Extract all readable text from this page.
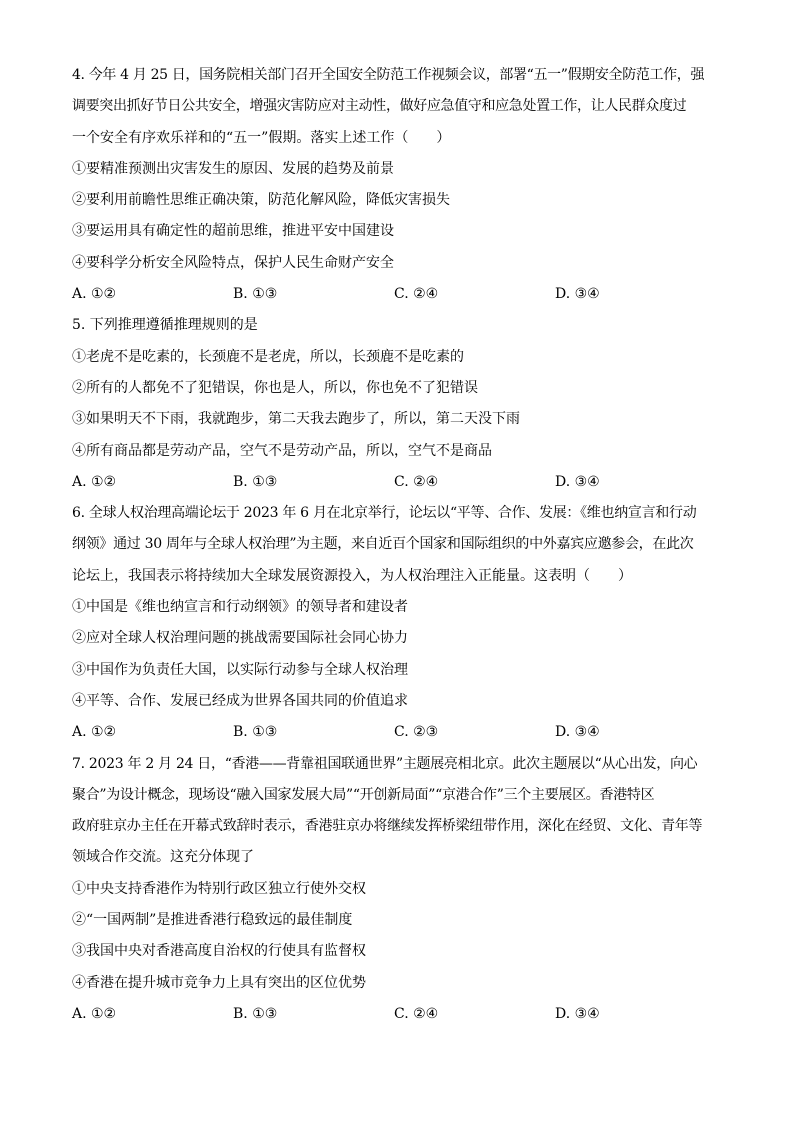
4. 今年 4 月 25 日，国务院相关部门召开全国安全防范工作视频会议，部署“五一”假期安全防范工作，强
调要突出抓好节日公共安全，增强灾害防应对主动性，做好应急值守和应急处置工作，让人民群众度过
一个安全有序欢乐祥和的“五一”假期。落实上述工作（　　）
①要精准预测出灾害发生的原因、发展的趋势及前景
②要利用前瞻性思维正确决策，防范化解风险，降低灾害损失
③要运用具有确定性的超前思维，推进平安中国建设
④要科学分析安全风险特点，保护人民生命财产安全
A. ①②	B. ①③	C. ②④	D. ③④
5. 下列推理遵循推理规则的是
①老虎不是吃素的，长颈鹿不是老虎，所以，长颈鹿不是吃素的
②所有的人都免不了犯错误，你也是人，所以，你也免不了犯错误
③如果明天不下雨，我就跑步，第二天我去跑步了，所以，第二天没下雨
④所有商品都是劳动产品，空气不是劳动产品，所以，空气不是商品
A. ①②	B. ①③	C. ②④	D. ③④
6. 全球人权治理高端论坛于 2023 年 6 月在北京举行，论坛以“平等、合作、发展：《维也纳宣言和行动
纲领》通过 30 周年与全球人权治理”为主题，来自近百个国家和国际组织的中外嘉宾应邀参会，在此次
论坛上，我国表示将持续加大全球发展资源投入，为人权治理注入正能量。这表明（　　）
①中国是《维也纳宣言和行动纲领》的领导者和建设者
②应对全球人权治理问题的挑战需要国际社会同心协力
③中国作为负责任大国，以实际行动参与全球人权治理
④平等、合作、发展已经成为世界各国共同的价值追求
A. ①②	B. ①③	C. ②③	D. ③④
7. 2023 年 2 月 24 日，“香港——背靠祖国联通世界”主题展亮相北京。此次主题展以“从心出发，向心
聚合”为设计概念，现场设“融入国家发展大局”“开创新局面”“京港合作”三个主要展区。香港特区
政府驻京办主任在开幕式致辞时表示，香港驻京办将继续发挥桥梁纽带作用，深化在经贸、文化、青年等
领域合作交流。这充分体现了
①中央支持香港作为特别行政区独立行使外交权
②“一国两制”是推进香港行稳致远的最佳制度
③我国中央对香港高度自治权的行使具有监督权
④香港在提升城市竞争力上具有突出的区位优势
A. ①②	B. ①③	C. ②④	D. ③④
